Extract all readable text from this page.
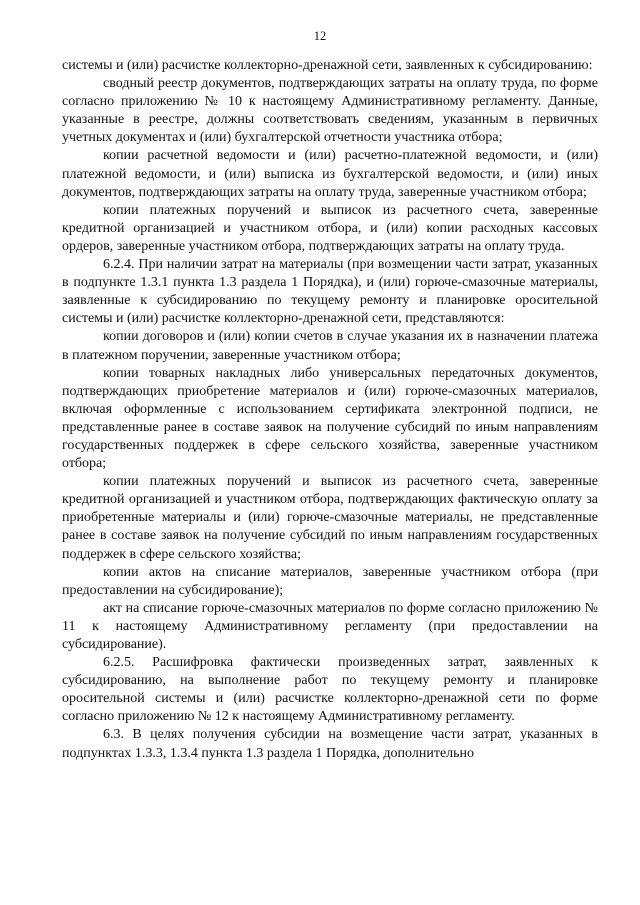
12

системы и (или) расчистке коллекторно-дренажной сети, заявленных к субсидированию:

сводный реестр документов, подтверждающих затраты на оплату труда, по форме согласно приложению № 10 к настоящему Административному регламенту. Данные, указанные в реестре, должны соответствовать сведениям, указанным в первичных учетных документах и (или) бухгалтерской отчетности участника отбора;

копии расчетной ведомости и (или) расчетно-платежной ведомости, и (или) платежной ведомости, и (или) выписка из бухгалтерской ведомости, и (или) иных документов, подтверждающих затраты на оплату труда, заверенные участником отбора;

копии платежных поручений и выписок из расчетного счета, заверенные кредитной организацией и участником отбора, и (или) копии расходных кассовых ордеров, заверенные участником отбора, подтверждающих затраты на оплату труда.

6.2.4. При наличии затрат на материалы (при возмещении части затрат, указанных в подпункте 1.3.1 пункта 1.3 раздела 1 Порядка), и (или) горюче-смазочные материалы, заявленные к субсидированию по текущему ремонту и планировке оросительной системы и (или) расчистке коллекторно-дренажной сети, представляются:

копии договоров и (или) копии счетов в случае указания их в назначении платежа в платежном поручении, заверенные участником отбора;

копии товарных накладных либо универсальных передаточных документов, подтверждающих приобретение материалов и (или) горюче-смазочных материалов, включая оформленные с использованием сертификата электронной подписи, не представленные ранее в составе заявок на получение субсидий по иным направлениям государственных поддержек в сфере сельского хозяйства, заверенные участником отбора;

копии платежных поручений и выписок из расчетного счета, заверенные кредитной организацией и участником отбора, подтверждающих фактическую оплату за приобретенные материалы и (или) горюче-смазочные материалы, не представленные ранее в составе заявок на получение субсидий по иным направлениям государственных поддержек в сфере сельского хозяйства;

копии актов на списание материалов, заверенные участником отбора (при предоставлении на субсидирование);

акт на списание горюче-смазочных материалов по форме согласно приложению № 11 к настоящему Административному регламенту (при предоставлении на субсидирование).

6.2.5. Расшифровка фактически произведенных затрат, заявленных к субсидированию, на выполнение работ по текущему ремонту и планировке оросительной системы и (или) расчистке коллекторно-дренажной сети по форме согласно приложению № 12 к настоящему Административному регламенту.

6.3. В целях получения субсидии на возмещение части затрат, указанных в подпунктах 1.3.3, 1.3.4 пункта 1.3 раздела 1 Порядка, дополнительно
